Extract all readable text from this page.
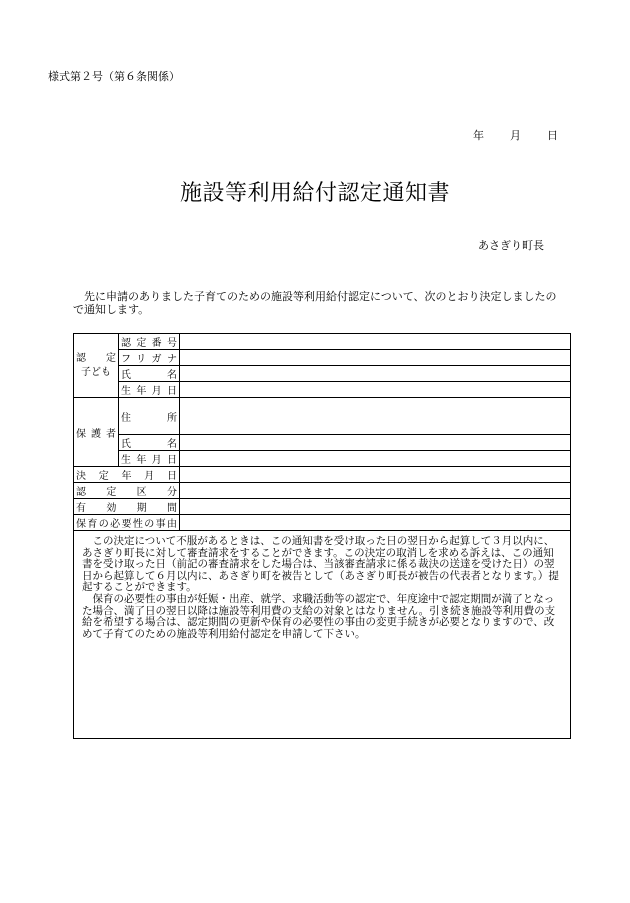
様式第２号（第６条関係）
年 月 日
施設等利用給付認定通知書
あさぎり町長
先に申請のありました子育てのための施設等利用給付認定について、次のとおり決定しましたので通知します。
認　　定
子ども	認定番号	
	フリガナ	
	氏　名	
	生年月日	
保護者	住　所	
	氏　名	
	生年月日	
決定年月日		
認定区分		
有効期間		
保育の必要性の事由		

この決定について不服があるときは、この通知書を受け取った日の翌日から起算して３月以内に、あさぎり町長に対して審査請求をすることができます。この決定の取消しを求める訴えは、この通知書を受け取った日（前記の審査請求をした場合は、当該審査請求に係る裁決の送達を受けた日）の翌日から起算して６月以内に、あさぎり町を被告として（あさぎり町長が被告の代表者となります。）提起することができます。

保育の必要性の事由が妊娠・出産、就学、求職活動等の認定で、年度途中で認定期間が満了となった場合、満了日の翌日以降は施設等利用費の支給の対象とはなりません。引き続き施設等利用費の支給を希望する場合は、認定期間の更新や保育の必要性の事由の変更手続きが必要となりますので、改めて子育てのための施設等利用給付認定を申請して下さい。		
